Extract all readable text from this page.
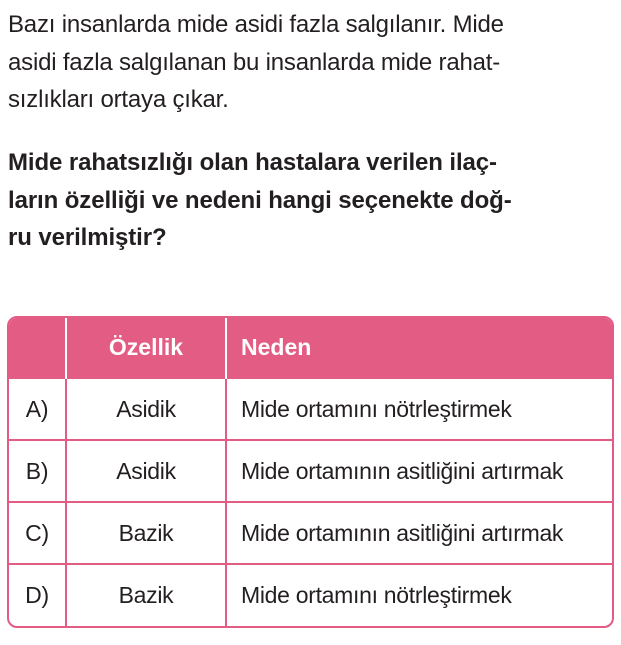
Bazı insanlarda mide asidi fazla salgılanır. Mide
asidi fazla salgılanan bu insanlarda mide rahat-
sızlıkları ortaya çıkar.

Mide rahatsızlığı olan hastalara verilen ilaç-
ların özelliği ve nedeni hangi seçenekte doğ-
ru verilmiştir?

	Özellik	Neden
A)	Asidik	Mide ortamını nötrleştirmek
B)	Asidik	Mide ortamının asitliğini artırmak
C)	Bazik	Mide ortamının asitliğini artırmak
D)	Bazik	Mide ortamını nötrleştirmek
